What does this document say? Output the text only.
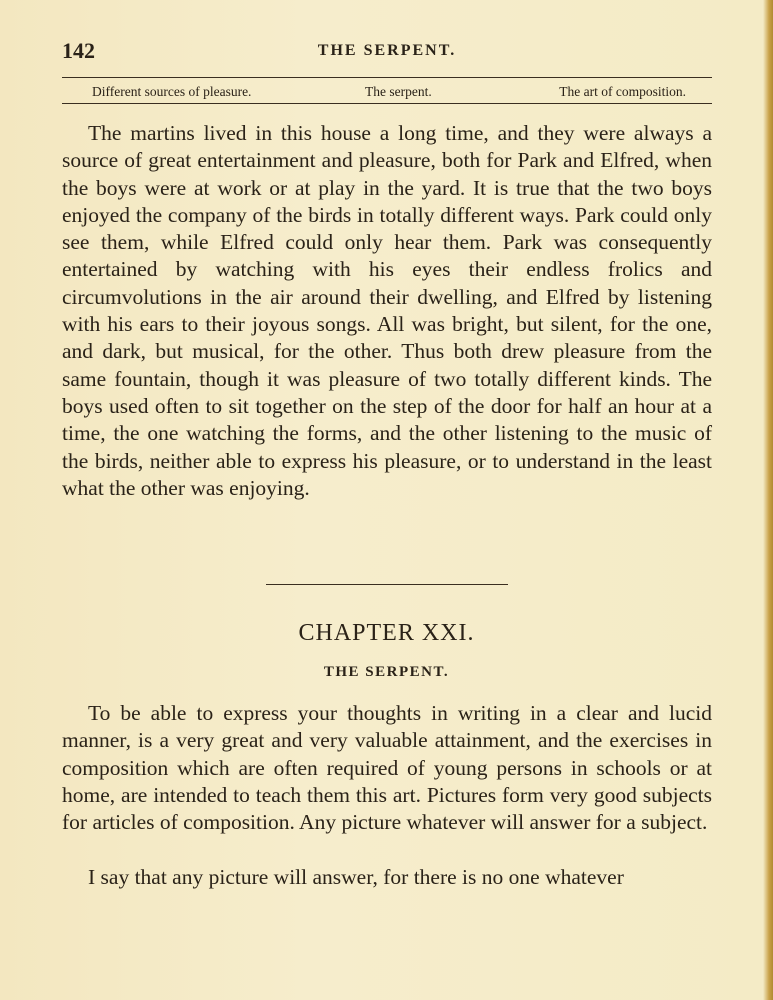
142	THE SERPENT.
Different sources of pleasure.	The serpent.	The art of composition.

The martins lived in this house a long time, and they were always a source of great entertainment and pleasure, both for Park and Elfred, when the boys were at work or at play in the yard. It is true that the two boys enjoyed the company of the birds in totally different ways. Park could only see them, while Elfred could only hear them. Park was consequently entertained by watching with his eyes their endless frolics and circumvolutions in the air around their dwelling, and Elfred by listening with his ears to their joyous songs. All was bright, but silent, for the one, and dark, but musical, for the other. Thus both drew pleasure from the same fountain, though it was pleasure of two totally different kinds. The boys used often to sit together on the step of the door for half an hour at a time, the one watching the forms, and the other listening to the music of the birds, neither able to express his pleasure, or to understand in the least what the other was enjoying.

CHAPTER XXI.
THE SERPENT.

To be able to express your thoughts in writing in a clear and lucid manner, is a very great and very valuable attainment, and the exercises in composition which are often required of young persons in schools or at home, are intended to teach them this art. Pictures form very good subjects for articles of composition. Any picture whatever will answer for a subject.

I say that any picture will answer, for there is no one whatever
